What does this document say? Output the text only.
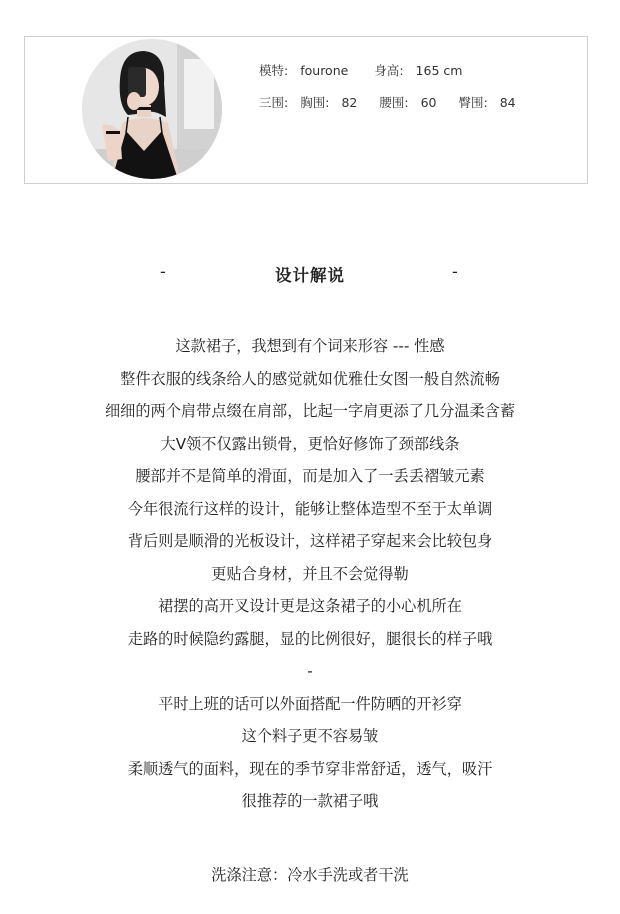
模特: fourone 身高: 165 cm
三围: 胸围: 82 腰围: 60 臀围: 84
-	设计解说	-
这款裙子，我想到有个词来形容 --- 性感
整件衣服的线条给人的感觉就如优雅仕女图一般自然流畅
细细的两个肩带点缀在肩部，比起一字肩更添了几分温柔含蓄
大V领不仅露出锁骨，更恰好修饰了颈部线条
腰部并不是简单的滑面，而是加入了一丢丢褶皱元素
今年很流行这样的设计，能够让整体造型不至于太单调
背后则是顺滑的光板设计，这样裙子穿起来会比较包身
更贴合身材，并且不会觉得勒
裙摆的高开叉设计更是这条裙子的小心机所在
走路的时候隐约露腿，显的比例很好，腿很长的样子哦
-
平时上班的话可以外面搭配一件防晒的开衫穿
这个料子更不容易皱
柔顺透气的面料，现在的季节穿非常舒适，透气，吸汗
很推荐的一款裙子哦
洗涤注意：冷水手洗或者干洗
